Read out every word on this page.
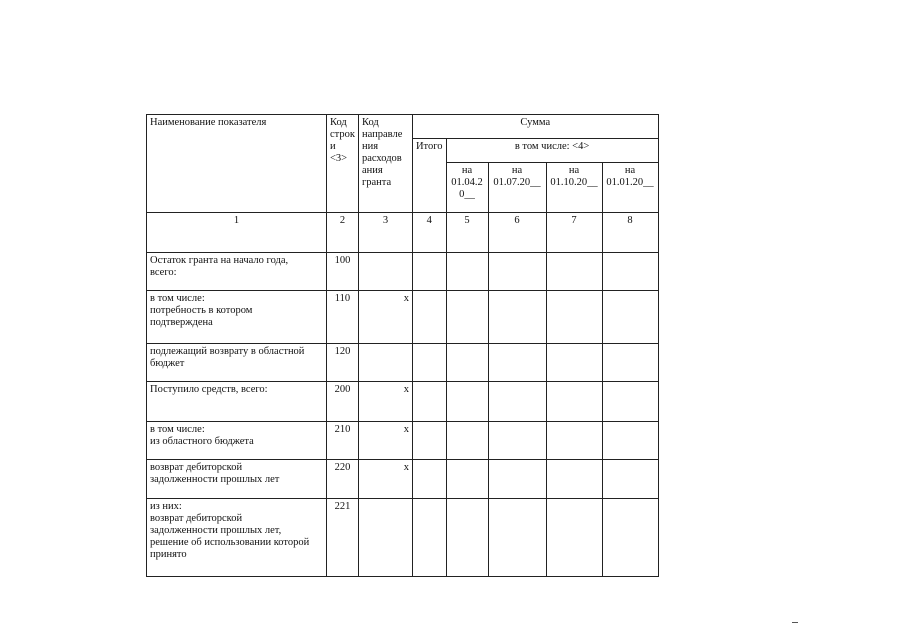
Наименование показателя	Код строк и <3>	Код направле ния расходов ания гранта	Сумма				
			Итого	в том числе: <4>			
				на 01.04.2 0__	на 01.07.20__	на 01.10.20__	на 01.01.20__
1	2	3	4	5	6	7	8

Остаток гранта на начало года,
всего:	100						

в том числе:
потребность в котором
подтверждена	110	x					

подлежащий возврату в областной
бюджет	120						

Поступило средств, всего:	200	x					

в том числе:
из областного бюджета	210	x					

возврат дебиторской
задолженности прошлых лет	220	x					

из них:
возврат дебиторской
задолженности прошлых лет,
решение об использовании которой
принято	221						
